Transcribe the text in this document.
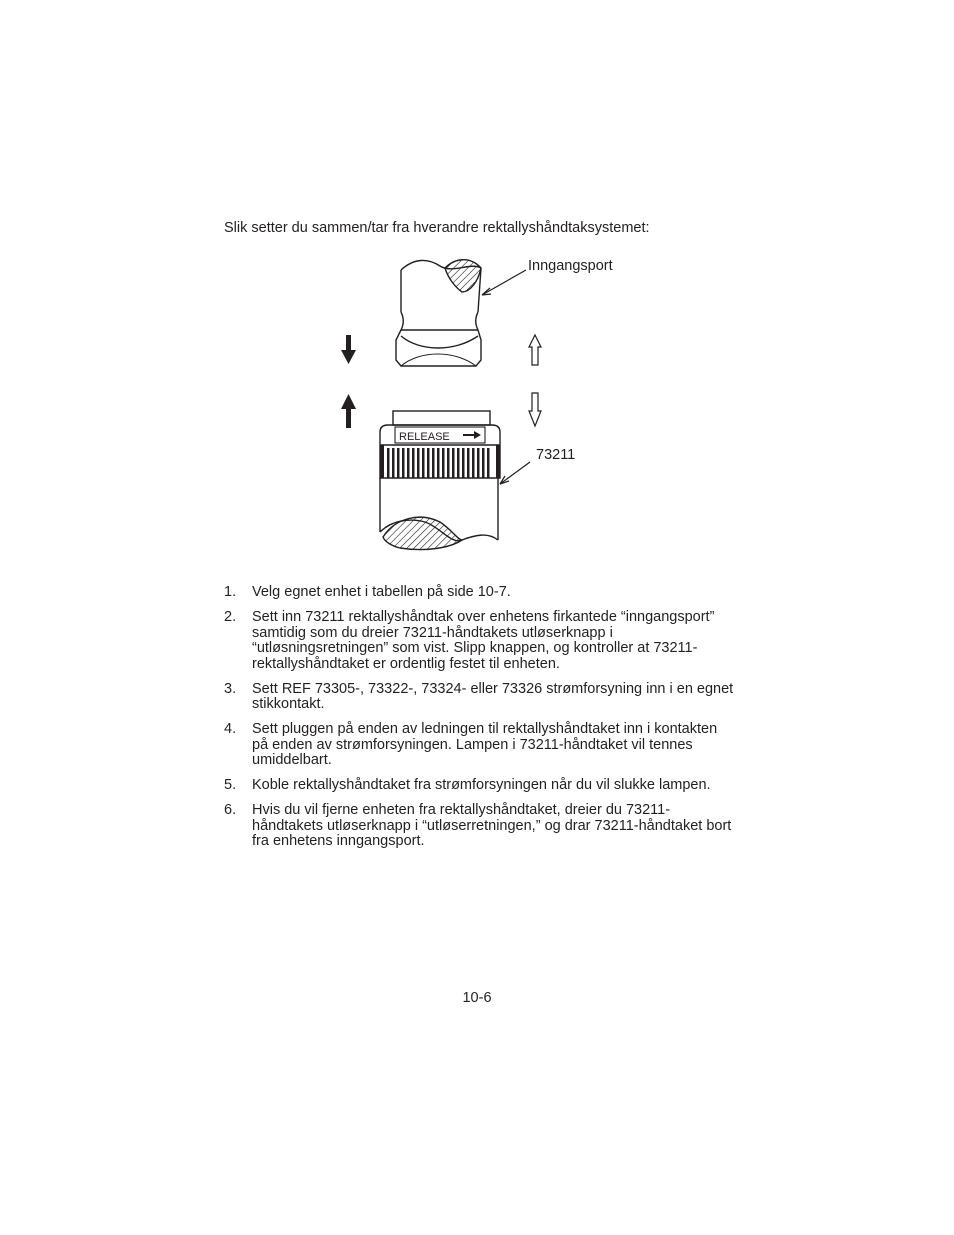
Slik setter du sammen/tar fra hverandre rektallyshåndtaksystemet:

RELEASE
Inngangsport
73211
1. Velg egnet enhet i tabellen på side 10-7.
2. Sett inn 73211 rektallyshåndtak over enhetens firkantede “inngangsport” samtidig som du dreier 73211-håndtakets utløserknapp i “utløsningsretningen” som vist. Slipp knappen, og kontroller at 73211-rektallyshåndtaket er ordentlig festet til enheten.
3. Sett REF 73305-, 73322-, 73324- eller 73326 strømforsyning inn i en egnet stikkontakt.
4. Sett pluggen på enden av ledningen til rektallyshåndtaket inn i kontakten på enden av strømforsyningen. Lampen i 73211-håndtaket vil tennes umiddelbart.
5. Koble rektallyshåndtaket fra strømforsyningen når du vil slukke lampen.
6. Hvis du vil fjerne enheten fra rektallyshåndtaket, dreier du 73211-håndtakets utløserknapp i “utløserretningen,” og drar 73211-håndtaket bort fra enhetens inngangsport.
10-6
